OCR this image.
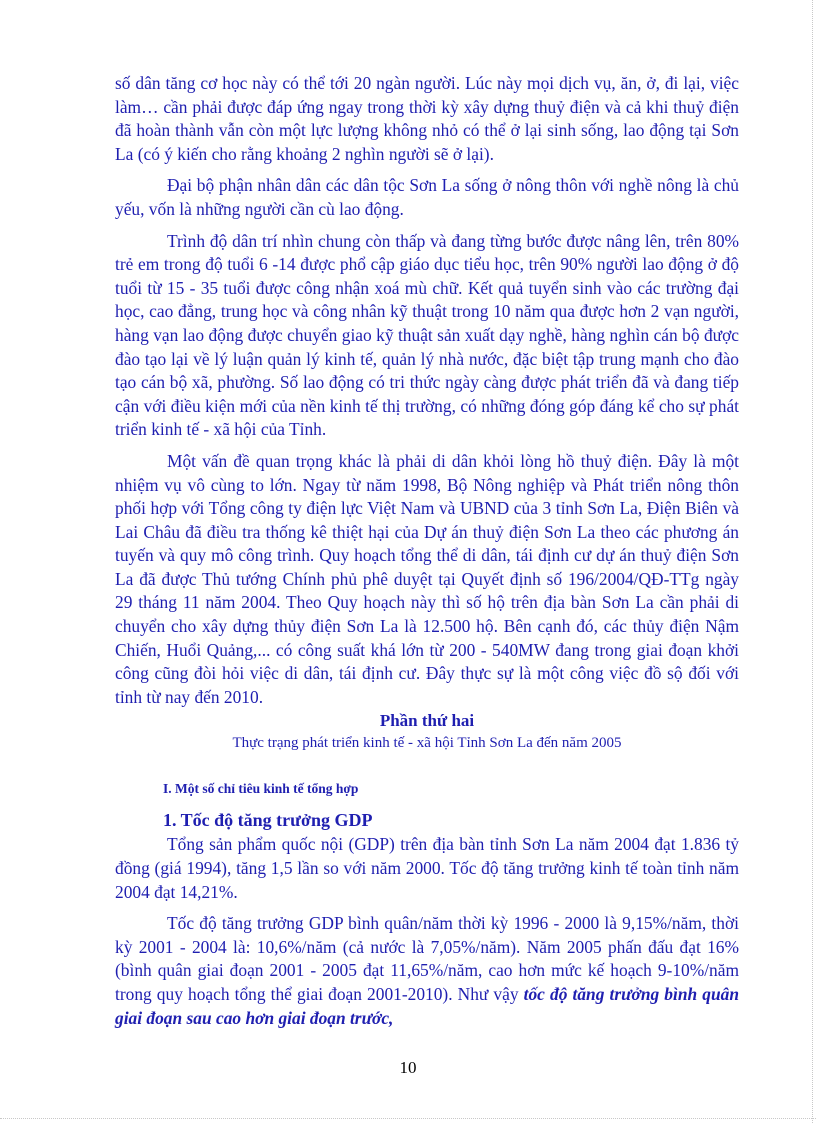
số dân tăng cơ học này có thể tới 20 ngàn người. Lúc này mọi dịch vụ, ăn, ở, đi lại, việc làm… cần phải được đáp ứng ngay trong thời kỳ xây dựng thuỷ điện và cả khi thuỷ điện đã hoàn thành vẫn còn một lực lượng không nhỏ có thể ở lại sinh sống, lao động tại Sơn La (có ý kiến cho rằng khoảng 2 nghìn người sẽ ở lại).

Đại bộ phận nhân dân các dân tộc Sơn La sống ở nông thôn với nghề nông là chủ yếu, vốn là những người cần cù lao động.

Trình độ dân trí nhìn chung còn thấp và đang từng bước được nâng lên, trên 80% trẻ em trong độ tuổi 6 -14 được phổ cập giáo dục tiểu học, trên 90% người lao động ở độ tuổi từ 15 - 35 tuổi được công nhận xoá mù chữ. Kết quả tuyển sinh vào các trường đại học, cao đẳng, trung học và công nhân kỹ thuật trong 10 năm qua được hơn 2 vạn người, hàng vạn lao động được chuyển giao kỹ thuật sản xuất dạy nghề, hàng nghìn cán bộ được đào tạo lại về lý luận quản lý kinh tế, quản lý nhà nước, đặc biệt tập trung mạnh cho đào tạo cán bộ xã, phường. Số lao động có tri thức ngày càng được phát triển đã và đang tiếp cận với điều kiện mới của nền kinh tế thị trường, có những đóng góp đáng kể cho sự phát triển kinh tế - xã hội của Tỉnh.

Một vấn đề quan trọng khác là phải di dân khỏi lòng hồ thuỷ điện. Đây là một nhiệm vụ vô cùng to lớn. Ngay từ năm 1998, Bộ Nông nghiệp và Phát triển nông thôn phối hợp với Tổng công ty điện lực Việt Nam và UBND của 3 tỉnh Sơn La, Điện Biên và Lai Châu đã điều tra thống kê thiệt hại của Dự án thuỷ điện Sơn La theo các phương án tuyến và quy mô công trình. Quy hoạch tổng thể di dân, tái định cư dự án thuỷ điện Sơn La đã được Thủ tướng Chính phủ phê duyệt tại Quyết định số 196/2004/QĐ-TTg ngày 29 tháng 11 năm 2004. Theo Quy hoạch này thì số hộ trên địa bàn Sơn La cần phải di chuyển cho xây dựng thủy điện Sơn La là 12.500 hộ. Bên cạnh đó, các thủy điện Nậm Chiến, Huổi Quảng,... có công suất khá lớn từ 200 - 540MW đang trong giai đoạn khởi công cũng đòi hỏi việc di dân, tái định cư. Đây thực sự là một công việc đồ sộ đối với tỉnh từ nay đến 2010.

Phần thứ hai

Thực trạng phát triển kinh tế - xã hội Tỉnh Sơn La đến năm 2005

I. Một số chỉ tiêu kinh tế tổng hợp

1. Tốc độ tăng trưởng GDP

Tổng sản phẩm quốc nội (GDP) trên địa bàn tỉnh Sơn La năm 2004 đạt 1.836 tỷ đồng (giá 1994), tăng 1,5 lần so với năm 2000. Tốc độ tăng trưởng kinh tế toàn tỉnh năm 2004 đạt 14,21%.

Tốc độ tăng trưởng GDP bình quân/năm thời kỳ 1996 - 2000 là 9,15%/năm, thời kỳ 2001 - 2004 là: 10,6%/năm (cả nước là 7,05%/năm). Năm 2005 phấn đấu đạt 16% (bình quân giai đoạn 2001 - 2005 đạt 11,65%/năm, cao hơn mức kế hoạch 9-10%/năm trong quy hoạch tổng thể giai đoạn 2001-2010). Như vậy tốc độ tăng trưởng bình quân giai đoạn sau cao hơn giai đoạn trước,

10
